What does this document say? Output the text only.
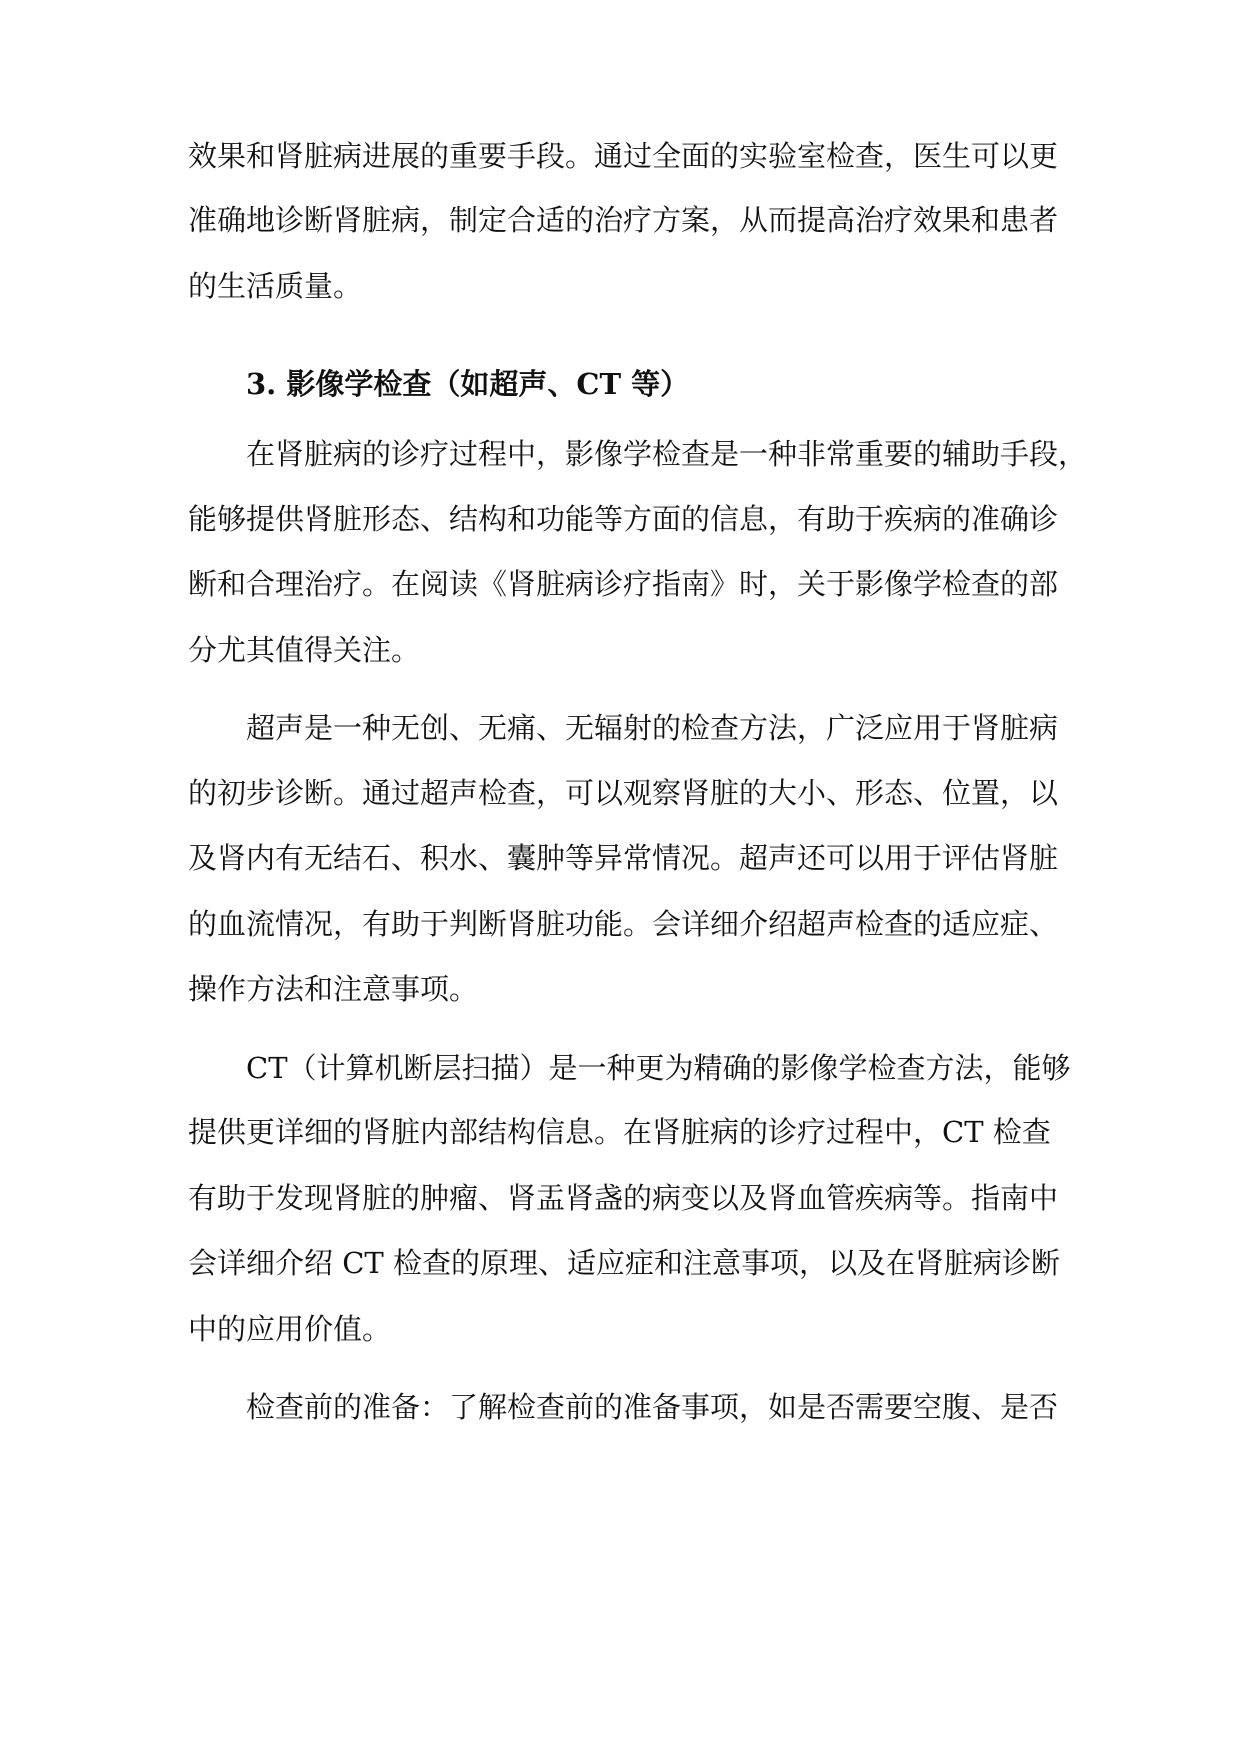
效果和肾脏病进展的重要手段。通过全面的实验室检查，医生可以更
准确地诊断肾脏病，制定合适的治疗方案，从而提高治疗效果和患者
的生活质量。
3. 影像学检查（如超声、CT 等）
在肾脏病的诊疗过程中，影像学检查是一种非常重要的辅助手段，
能够提供肾脏形态、结构和功能等方面的信息，有助于疾病的准确诊
断和合理治疗。在阅读《肾脏病诊疗指南》时，关于影像学检查的部
分尤其值得关注。
超声是一种无创、无痛、无辐射的检查方法，广泛应用于肾脏病
的初步诊断。通过超声检查，可以观察肾脏的大小、形态、位置，以
及肾内有无结石、积水、囊肿等异常情况。超声还可以用于评估肾脏
的血流情况，有助于判断肾脏功能。会详细介绍超声检查的适应症、
操作方法和注意事项。
CT（计算机断层扫描）是一种更为精确的影像学检查方法，能够
提供更详细的肾脏内部结构信息。在肾脏病的诊疗过程中，CT 检查
有助于发现肾脏的肿瘤、肾盂肾盏的病变以及肾血管疾病等。指南中
会详细介绍 CT 检查的原理、适应症和注意事项，以及在肾脏病诊断
中的应用价值。
检查前的准备：了解检查前的准备事项，如是否需要空腹、是否
